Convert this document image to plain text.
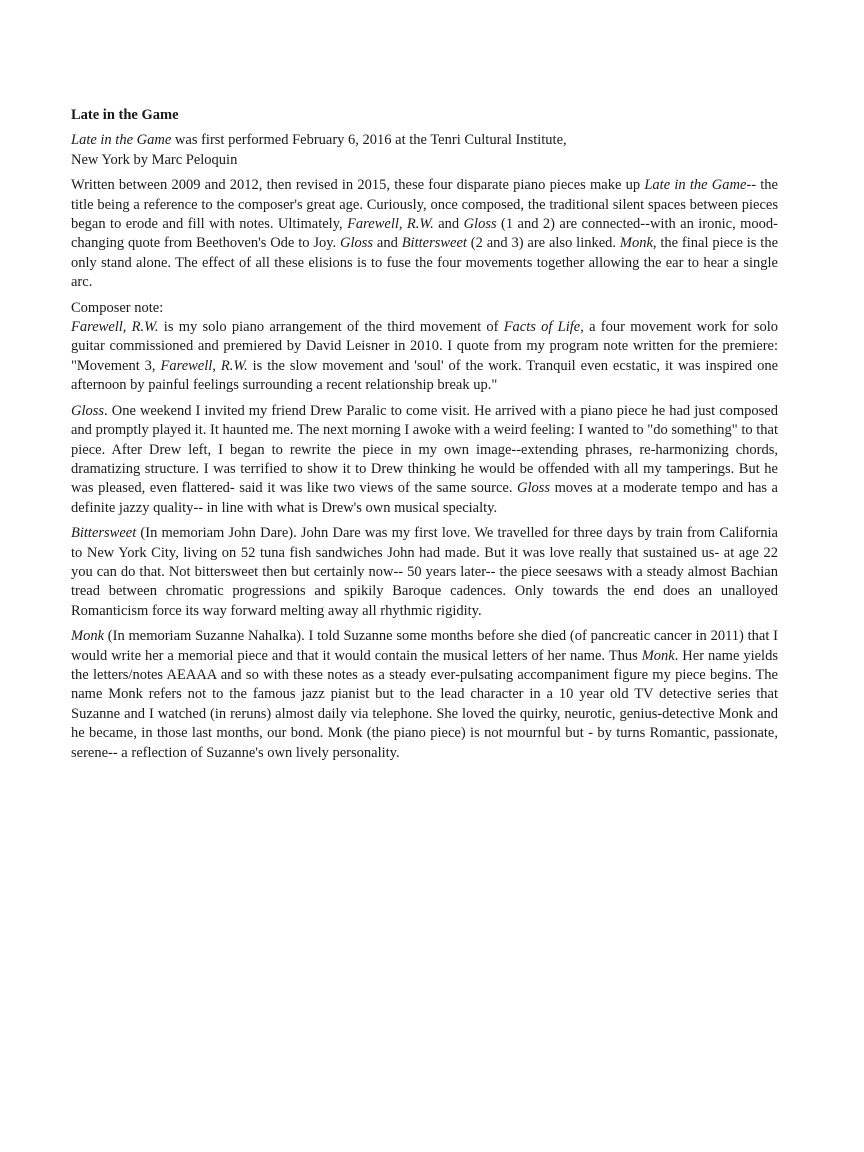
Late in the Game
Late in the Game was first performed February 6, 2016 at the Tenri Cultural Institute,
New York by Marc Peloquin

Written between 2009 and 2012, then revised in 2015, these four disparate piano pieces make up Late in the Game-- the title being a reference to the composer's great age. Curiously, once composed, the traditional silent spaces between pieces began to erode and fill with notes. Ultimately, Farewell, R.W. and Gloss (1 and 2) are connected--with an ironic, mood-changing quote from Beethoven's Ode to Joy. Gloss and Bittersweet (2 and 3) are also linked. Monk, the final piece is the only stand alone. The effect of all these elisions is to fuse the four movements together allowing the ear to hear a single arc.

Composer note:

Farewell, R.W. is my solo piano arrangement of the third movement of Facts of Life, a four movement work for solo guitar commissioned and premiered by David Leisner in 2010. I quote from my program note written for the premiere: "Movement 3, Farewell, R.W. is the slow movement and 'soul' of the work. Tranquil even ecstatic, it was inspired one afternoon by painful feelings surrounding a recent relationship break up."

Gloss. One weekend I invited my friend Drew Paralic to come visit. He arrived with a piano piece he had just composed and promptly played it. It haunted me. The next morning I awoke with a weird feeling: I wanted to "do something" to that piece. After Drew left, I began to rewrite the piece in my own image--extending phrases, re-harmonizing chords, dramatizing structure. I was terrified to show it to Drew thinking he would be offended with all my tamperings. But he was pleased, even flattered- said it was like two views of the same source. Gloss moves at a moderate tempo and has a definite jazzy quality-- in line with what is Drew's own musical specialty.

Bittersweet (In memoriam John Dare). John Dare was my first love. We travelled for three days by train from California to New York City, living on 52 tuna fish sandwiches John had made. But it was love really that sustained us- at age 22 you can do that. Not bittersweet then but certainly now-- 50 years later-- the piece seesaws with a steady almost Bachian tread between chromatic progressions and spikily Baroque cadences. Only towards the end does an unalloyed Romanticism force its way forward melting away all rhythmic rigidity.

Monk (In memoriam Suzanne Nahalka). I told Suzanne some months before she died (of pancreatic cancer in 2011) that I would write her a memorial piece and that it would contain the musical letters of her name. Thus Monk. Her name yields the letters/notes AEAAA and so with these notes as a steady ever-pulsating accompaniment figure my piece begins. The name Monk refers not to the famous jazz pianist but to the lead character in a 10 year old TV detective series that Suzanne and I watched (in reruns) almost daily via telephone. She loved the quirky, neurotic, genius-detective Monk and he became, in those last months, our bond. Monk (the piano piece) is not mournful but - by turns Romantic, passionate, serene-- a reflection of Suzanne's own lively personality.
